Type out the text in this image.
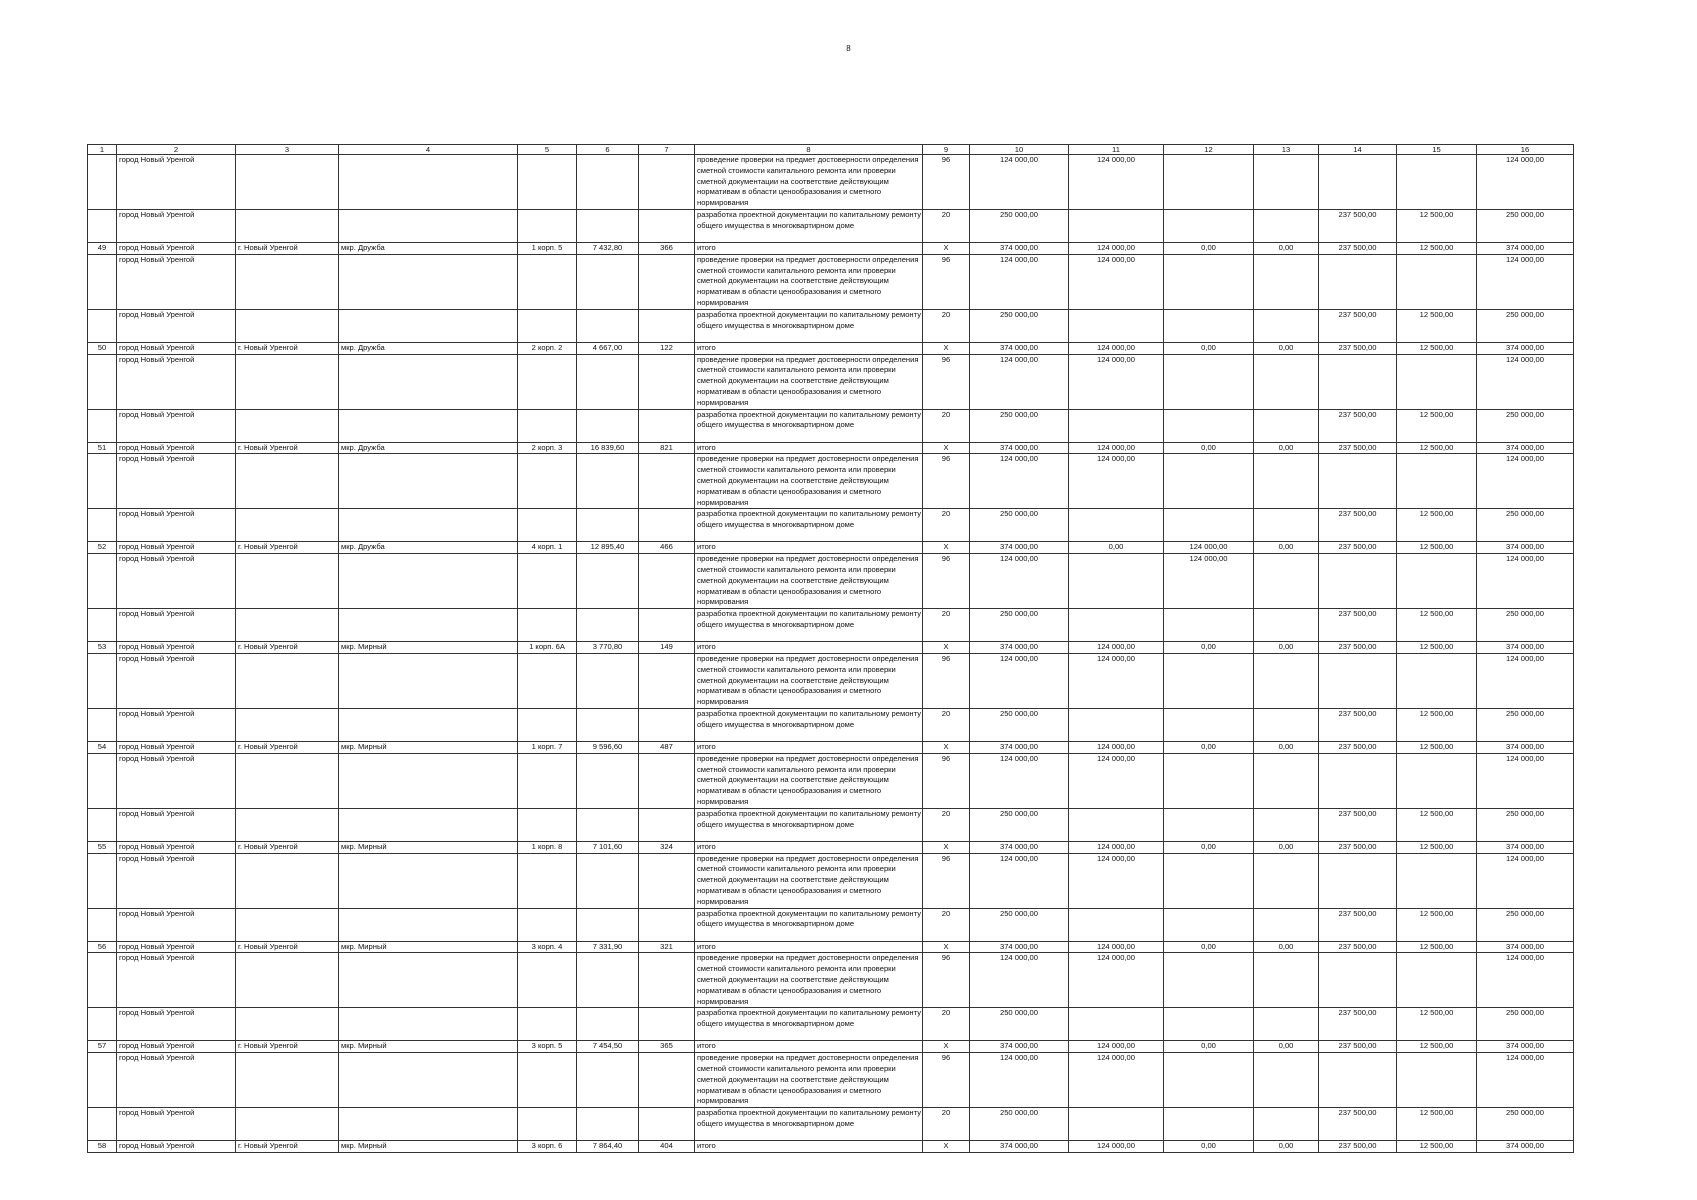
8
1	2	3	4	5	6	7	8	9	10	11	12	13	14	15	16
	город Новый Уренгой						проведение проверки на предмет достоверности определения сметной стоимости капитального ремонта или проверки сметной документации на соответствие действующим нормативам в области ценообразования и сметного нормирования	96	124 000,00	124 000,00					124 000,00
	город Новый Уренгой						разработка проектной документации по капитальному ремонту общего имущества в многоквартирном доме	20	250 000,00				237 500,00	12 500,00	250 000,00
49	город Новый Уренгой	г. Новый Уренгой	мкр. Дружба	1 корп. 5	7 432,80	366	итого	X	374 000,00	124 000,00	0,00	0,00	237 500,00	12 500,00	374 000,00
	город Новый Уренгой						проведение проверки на предмет достоверности определения сметной стоимости капитального ремонта или проверки сметной документации на соответствие действующим нормативам в области ценообразования и сметного нормирования	96	124 000,00	124 000,00					124 000,00
	город Новый Уренгой						разработка проектной документации по капитальному ремонту общего имущества в многоквартирном доме	20	250 000,00				237 500,00	12 500,00	250 000,00
50	город Новый Уренгой	г. Новый Уренгой	мкр. Дружба	2 корп. 2	4 667,00	122	итого	X	374 000,00	124 000,00	0,00	0,00	237 500,00	12 500,00	374 000,00
	город Новый Уренгой						проведение проверки на предмет достоверности определения сметной стоимости капитального ремонта или проверки сметной документации на соответствие действующим нормативам в области ценообразования и сметного нормирования	96	124 000,00	124 000,00					124 000,00
	город Новый Уренгой						разработка проектной документации по капитальному ремонту общего имущества в многоквартирном доме	20	250 000,00				237 500,00	12 500,00	250 000,00
51	город Новый Уренгой	г. Новый Уренгой	мкр. Дружба	2 корп. 3	16 839,60	821	итого	X	374 000,00	124 000,00	0,00	0,00	237 500,00	12 500,00	374 000,00
	город Новый Уренгой						проведение проверки на предмет достоверности определения сметной стоимости капитального ремонта или проверки сметной документации на соответствие действующим нормативам в области ценообразования и сметного нормирования	96	124 000,00	124 000,00					124 000,00
	город Новый Уренгой						разработка проектной документации по капитальному ремонту общего имущества в многоквартирном доме	20	250 000,00				237 500,00	12 500,00	250 000,00
52	город Новый Уренгой	г. Новый Уренгой	мкр. Дружба	4 корп. 1	12 895,40	466	итого	X	374 000,00	0,00	124 000,00	0,00	237 500,00	12 500,00	374 000,00
	город Новый Уренгой						проведение проверки на предмет достоверности определения сметной стоимости капитального ремонта или проверки сметной документации на соответствие действующим нормативам в области ценообразования и сметного нормирования	96	124 000,00		124 000,00				124 000,00
	город Новый Уренгой						разработка проектной документации по капитальному ремонту общего имущества в многоквартирном доме	20	250 000,00				237 500,00	12 500,00	250 000,00
53	город Новый Уренгой	г. Новый Уренгой	мкр. Мирный	1 корп. 6А	3 770,80	149	итого	X	374 000,00	124 000,00	0,00	0,00	237 500,00	12 500,00	374 000,00
	город Новый Уренгой						проведение проверки на предмет достоверности определения сметной стоимости капитального ремонта или проверки сметной документации на соответствие действующим нормативам в области ценообразования и сметного нормирования	96	124 000,00	124 000,00					124 000,00
	город Новый Уренгой						разработка проектной документации по капитальному ремонту общего имущества в многоквартирном доме	20	250 000,00				237 500,00	12 500,00	250 000,00
54	город Новый Уренгой	г. Новый Уренгой	мкр. Мирный	1 корп. 7	9 596,60	487	итого	X	374 000,00	124 000,00	0,00	0,00	237 500,00	12 500,00	374 000,00
	город Новый Уренгой						проведение проверки на предмет достоверности определения сметной стоимости капитального ремонта или проверки сметной документации на соответствие действующим нормативам в области ценообразования и сметного нормирования	96	124 000,00	124 000,00					124 000,00
	город Новый Уренгой						разработка проектной документации по капитальному ремонту общего имущества в многоквартирном доме	20	250 000,00				237 500,00	12 500,00	250 000,00
55	город Новый Уренгой	г. Новый Уренгой	мкр. Мирный	1 корп. 8	7 101,60	324	итого	X	374 000,00	124 000,00	0,00	0,00	237 500,00	12 500,00	374 000,00
	город Новый Уренгой						проведение проверки на предмет достоверности определения сметной стоимости капитального ремонта или проверки сметной документации на соответствие действующим нормативам в области ценообразования и сметного нормирования	96	124 000,00	124 000,00					124 000,00
	город Новый Уренгой						разработка проектной документации по капитальному ремонту общего имущества в многоквартирном доме	20	250 000,00				237 500,00	12 500,00	250 000,00
56	город Новый Уренгой	г. Новый Уренгой	мкр. Мирный	3 корп. 4	7 331,90	321	итого	X	374 000,00	124 000,00	0,00	0,00	237 500,00	12 500,00	374 000,00
	город Новый Уренгой						проведение проверки на предмет достоверности определения сметной стоимости капитального ремонта или проверки сметной документации на соответствие действующим нормативам в области ценообразования и сметного нормирования	96	124 000,00	124 000,00					124 000,00
	город Новый Уренгой						разработка проектной документации по капитальному ремонту общего имущества в многоквартирном доме	20	250 000,00				237 500,00	12 500,00	250 000,00
57	город Новый Уренгой	г. Новый Уренгой	мкр. Мирный	3 корп. 5	7 454,50	365	итого	X	374 000,00	124 000,00	0,00	0,00	237 500,00	12 500,00	374 000,00
	город Новый Уренгой						проведение проверки на предмет достоверности определения сметной стоимости капитального ремонта или проверки сметной документации на соответствие действующим нормативам в области ценообразования и сметного нормирования	96	124 000,00	124 000,00					124 000,00
	город Новый Уренгой						разработка проектной документации по капитальному ремонту общего имущества в многоквартирном доме	20	250 000,00				237 500,00	12 500,00	250 000,00
58	город Новый Уренгой	г. Новый Уренгой	мкр. Мирный	3 корп. 6	7 864,40	404	итого	X	374 000,00	124 000,00	0,00	0,00	237 500,00	12 500,00	374 000,00
